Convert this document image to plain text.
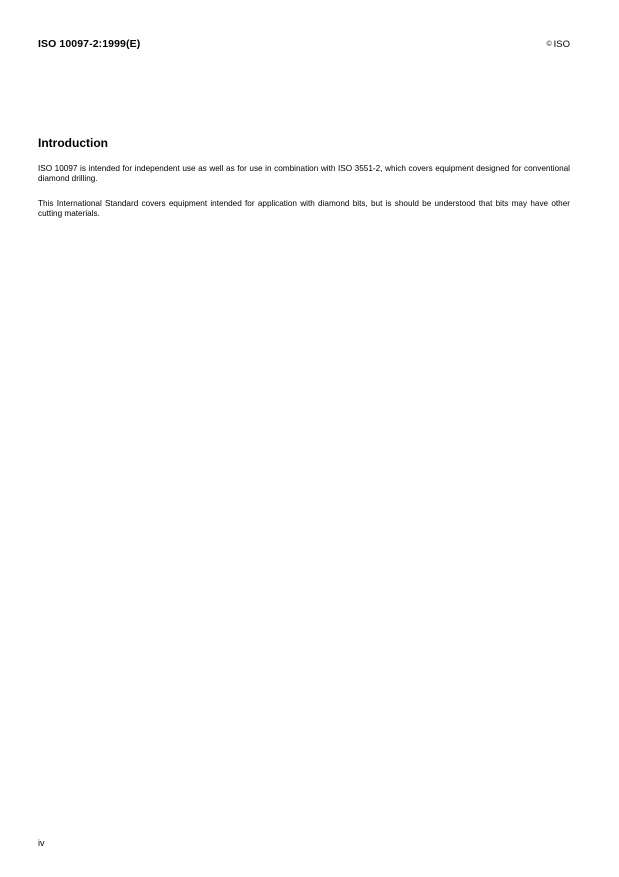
ISO 10097-2:1999(E)	© ISO
Introduction

ISO 10097 is intended for independent use as well as for use in combination with ISO 3551-2, which covers equipment designed for conventional diamond drilling.

This International Standard covers equipment intended for application with diamond bits, but is should be understood that bits may have other cutting materials.

iv
